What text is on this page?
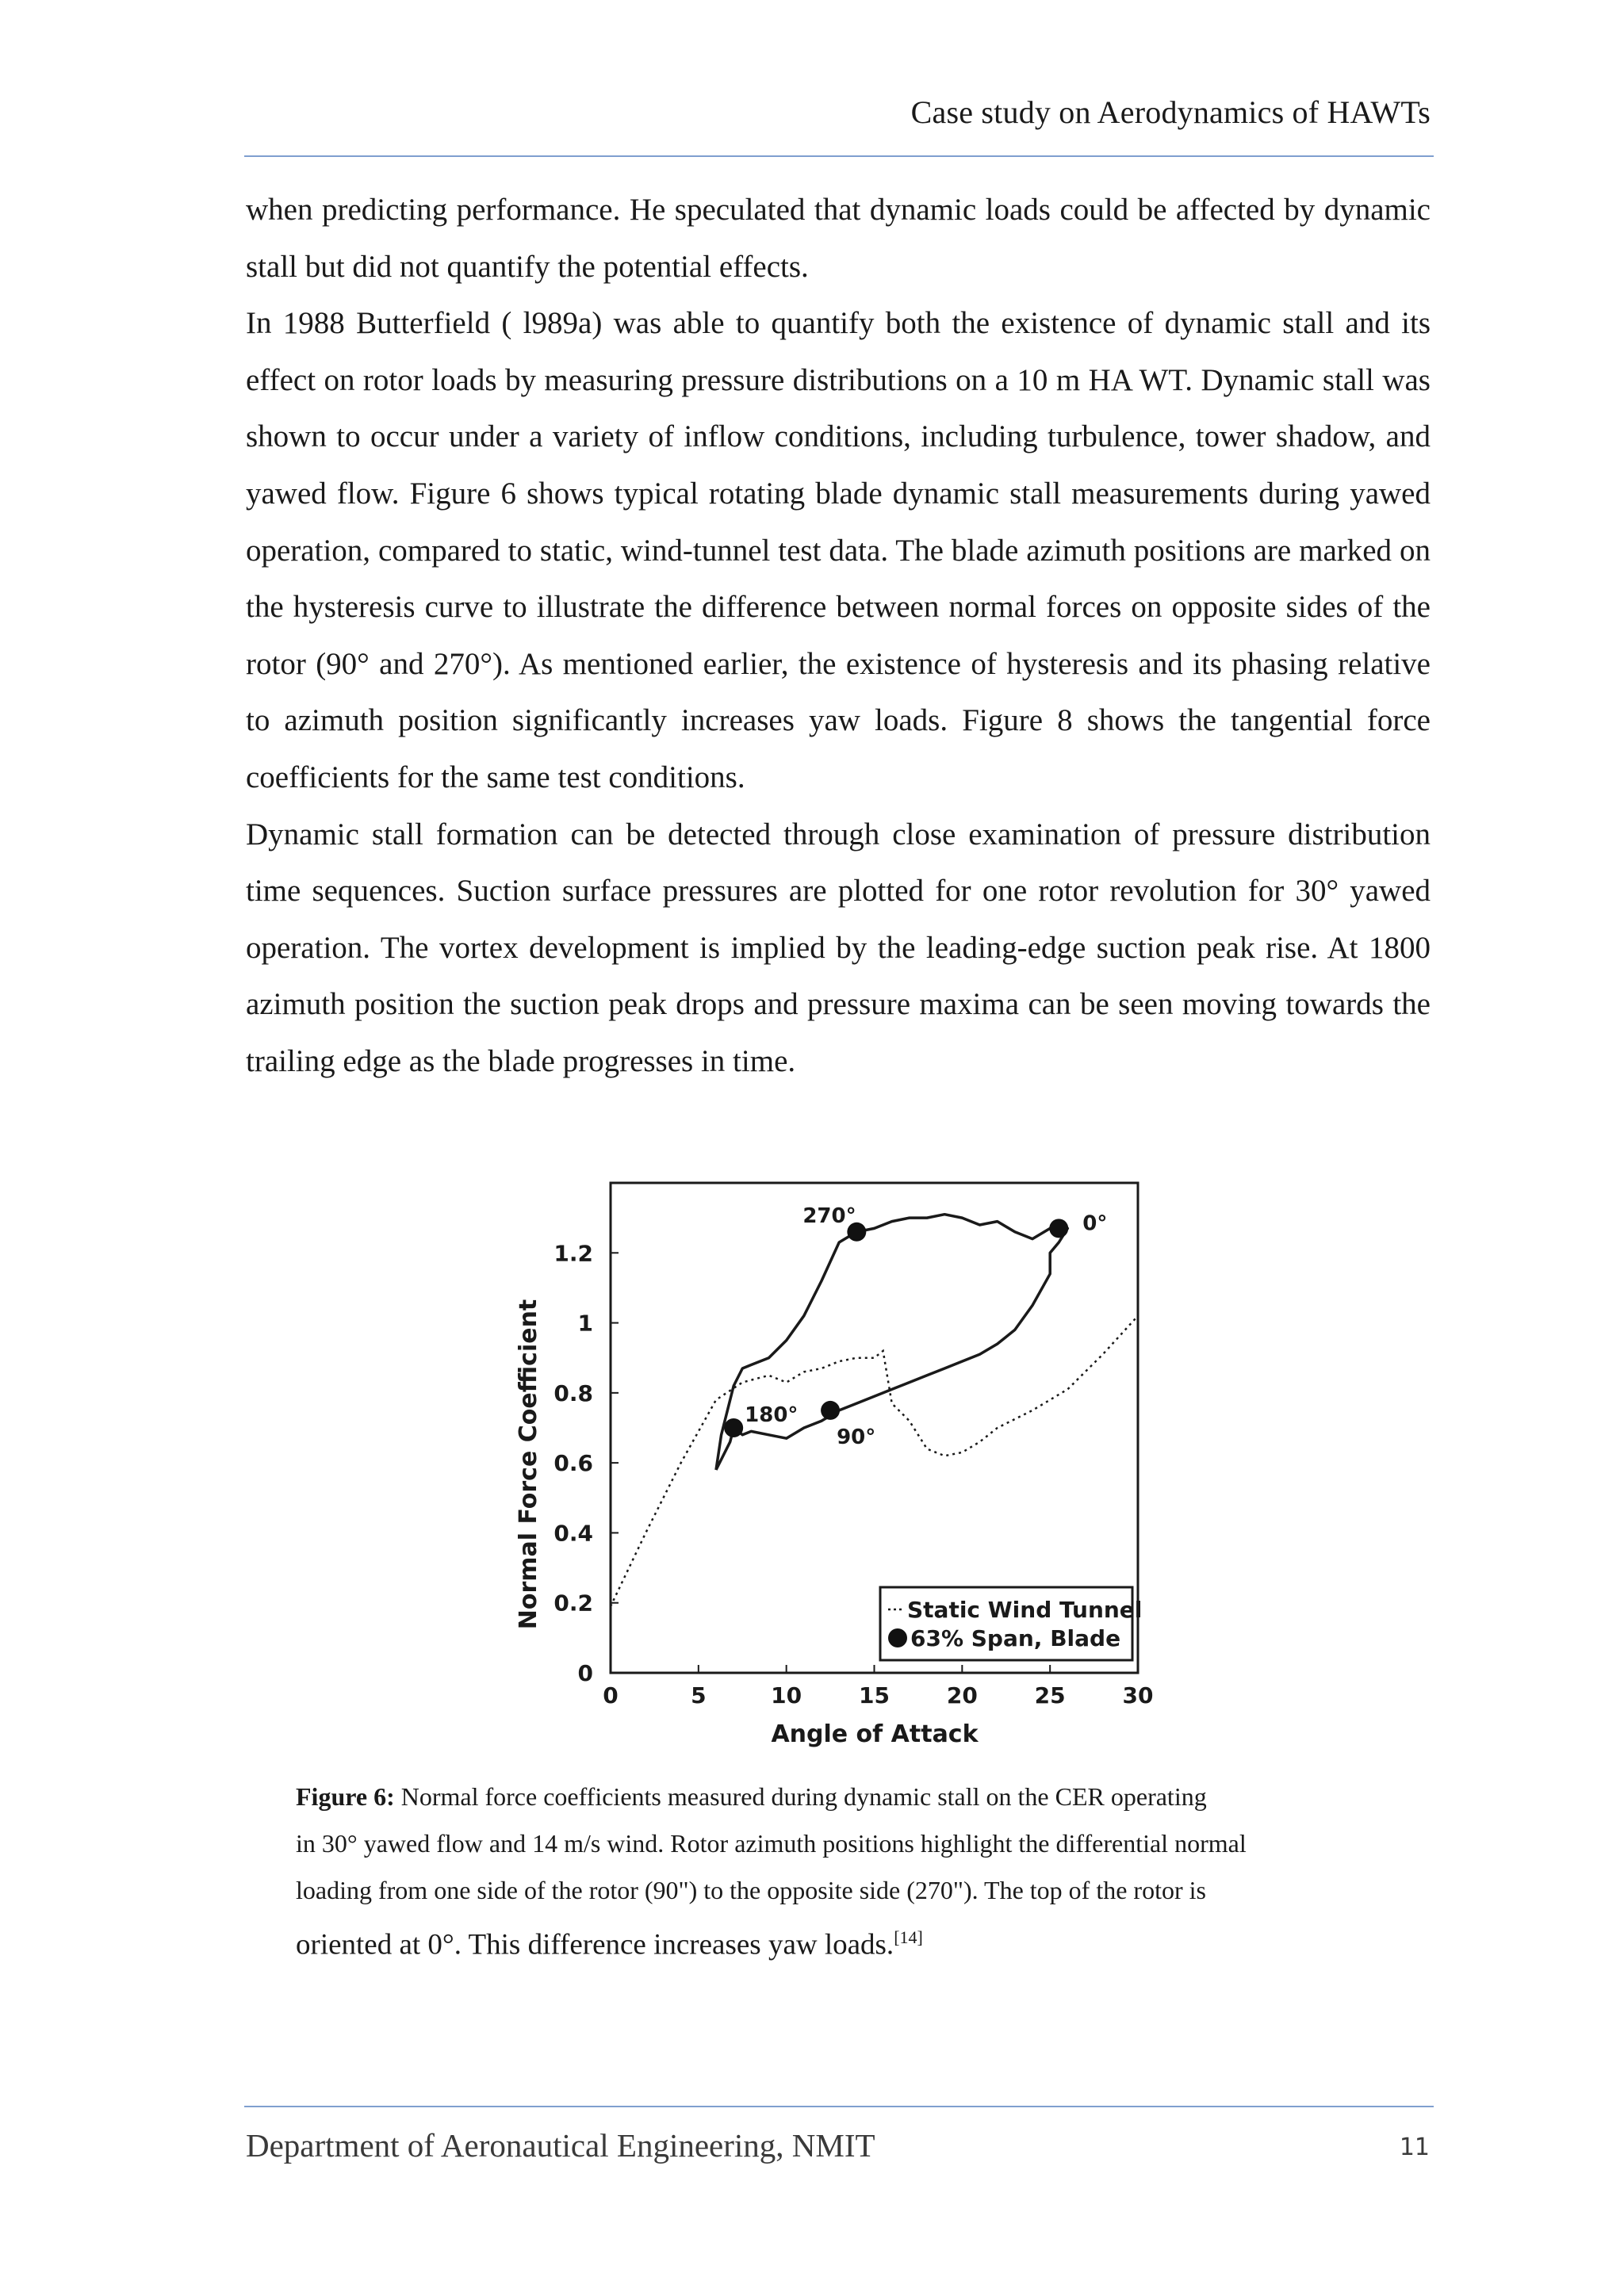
Case study on Aerodynamics of HAWTs

when predicting performance. He speculated that dynamic loads could be affected by dynamic stall but did not quantify the potential effects.

In 1988 Butterfield ( l989a) was able to quantify both the existence of dynamic stall and its effect on rotor loads by measuring pressure distributions on a 10 m HA WT. Dynamic stall was shown to occur under a variety of inflow conditions, including turbulence, tower shadow, and yawed flow. Figure 6 shows typical rotating blade dynamic stall measurements during yawed operation, compared to static, wind-tunnel test data. The blade azimuth positions are marked on the hysteresis curve to illustrate the difference between normal forces on opposite sides of the rotor (90° and 270°). As mentioned earlier, the existence of hysteresis and its phasing relative to azimuth position significantly increases yaw loads. Figure 8 shows the tangential force coefficients for the same test conditions.

Dynamic stall formation can be detected through close examination of pressure distribution time sequences. Suction surface pressures are plotted for one rotor revolution for 30° yawed operation. The vortex development is implied by the leading-edge suction peak rise. At 1800 azimuth position the suction peak drops and pressure maxima can be seen moving towards the trailing edge as the blade progresses in time.

0	5	10	15	20	25	30
0
0.2
0.4
0.6
0.8
1
1.2
270°	0°
180°
90°
Static Wind Tunnel
63% Span, Blade
Angle of Attack
Normal Force Coefficient

Figure 6: Normal force coefficients measured during dynamic stall on the CER operating

in 30° yawed flow and 14 m/s wind. Rotor azimuth positions highlight the differential normal

loading from one side of the rotor (90") to the opposite side (270"). The top of the rotor is

oriented at 0°. This difference increases yaw loads.[14]

Department of Aeronautical Engineering, NMIT	11
